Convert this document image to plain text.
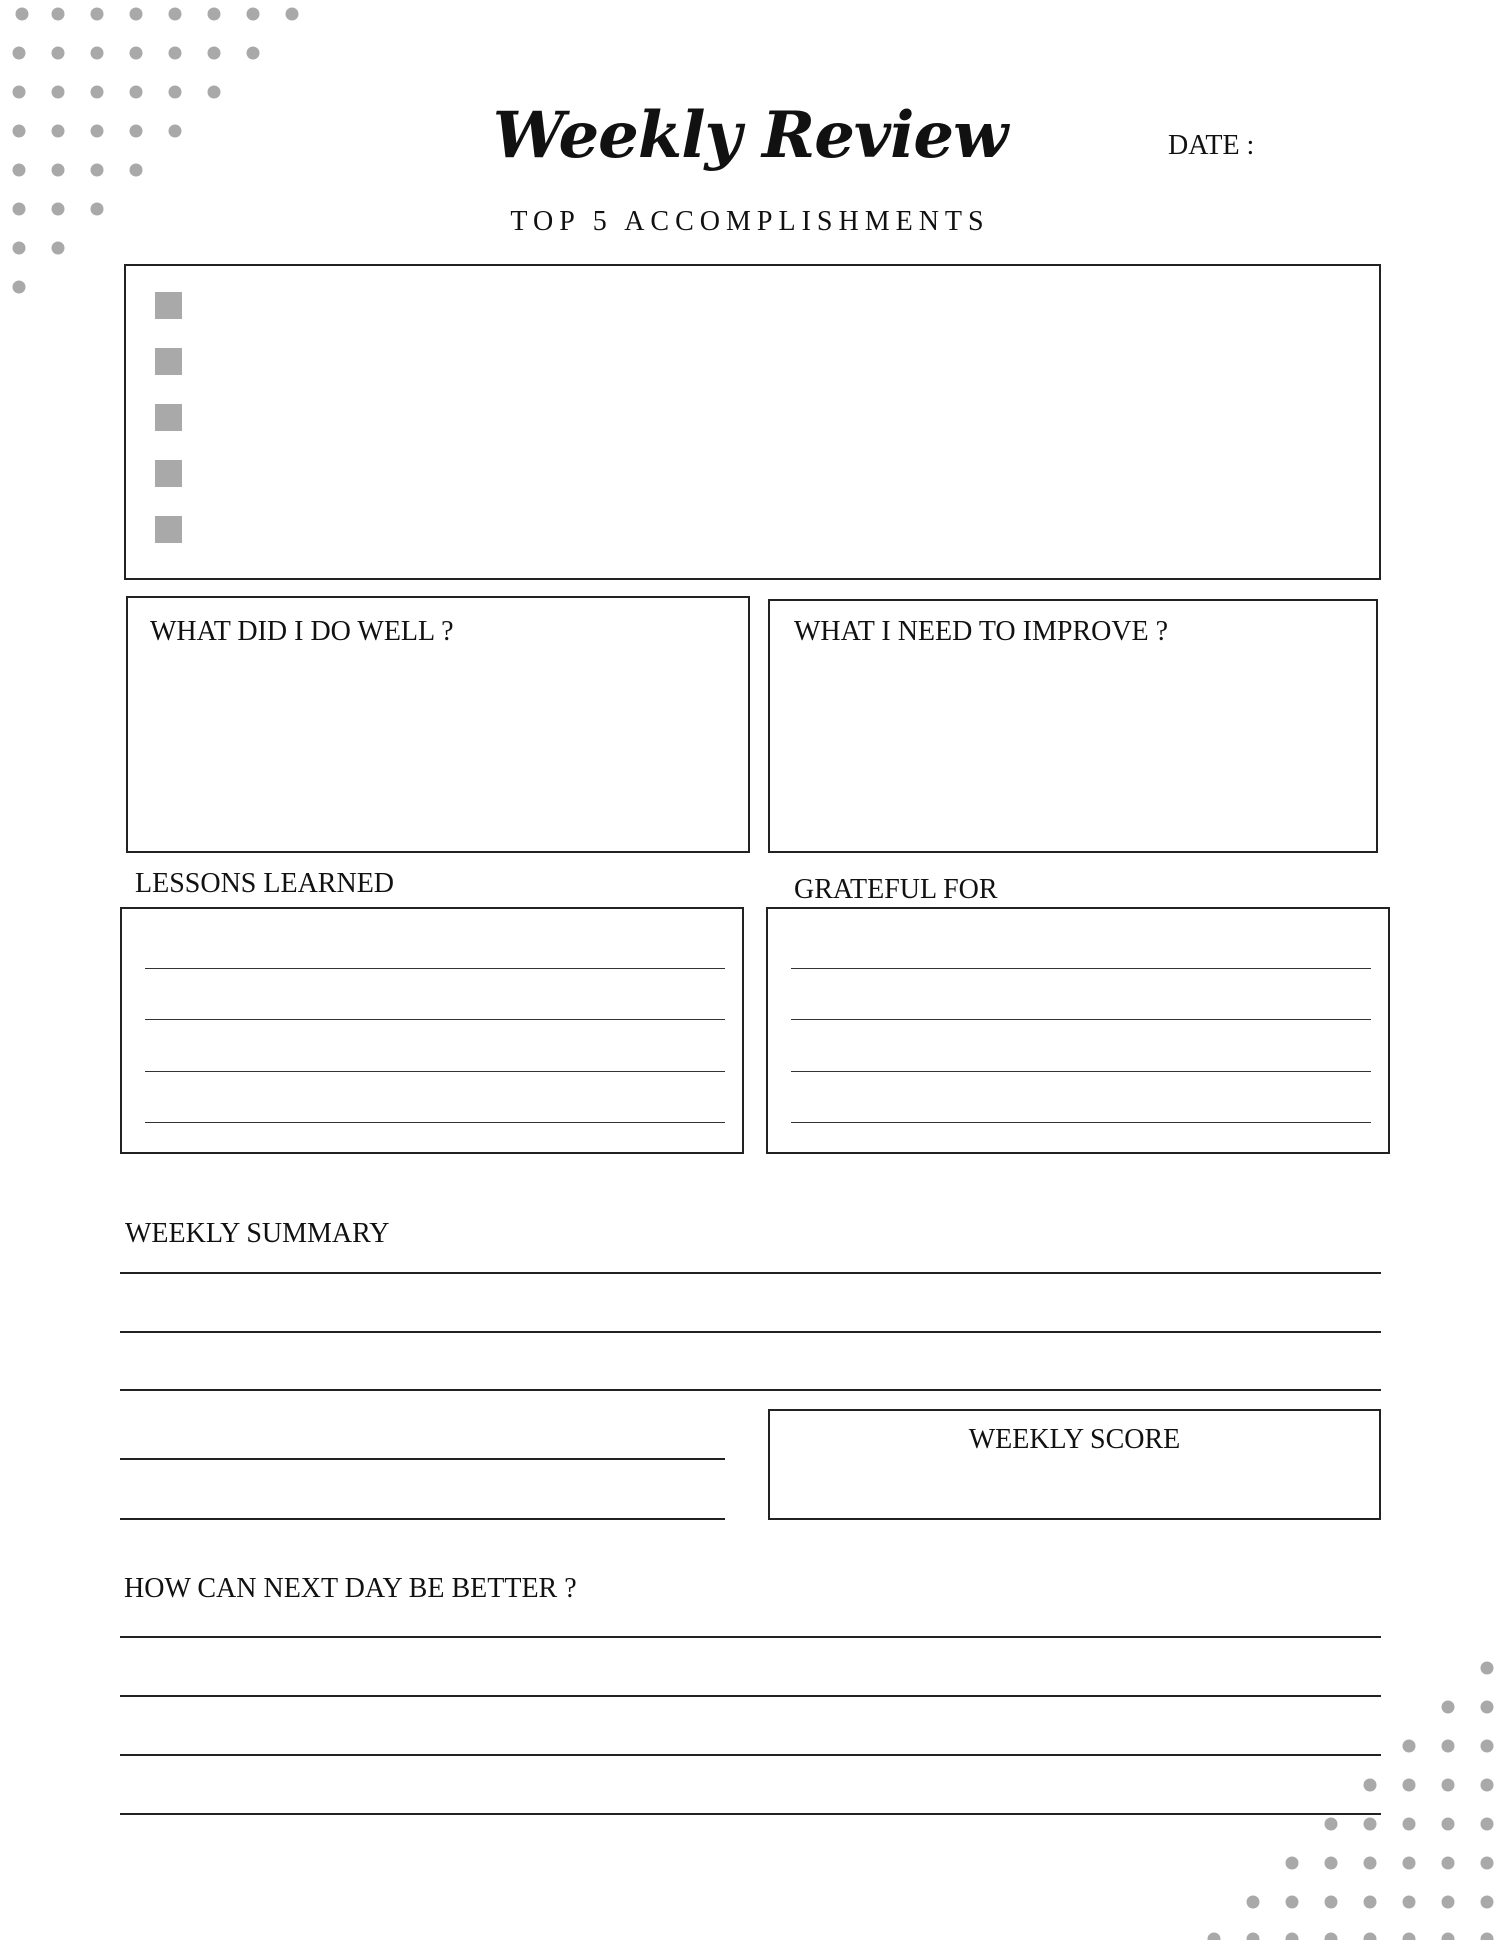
Weekly Review	DATE :
TOP 5 ACCOMPLISHMENTS
WHAT DID I DO WELL ?	WHAT I NEED TO IMPROVE ?
LESSONS LEARNED	GRATEFUL FOR
WEEKLY SUMMARY
WEEKLY SCORE
HOW CAN NEXT DAY BE BETTER ?
